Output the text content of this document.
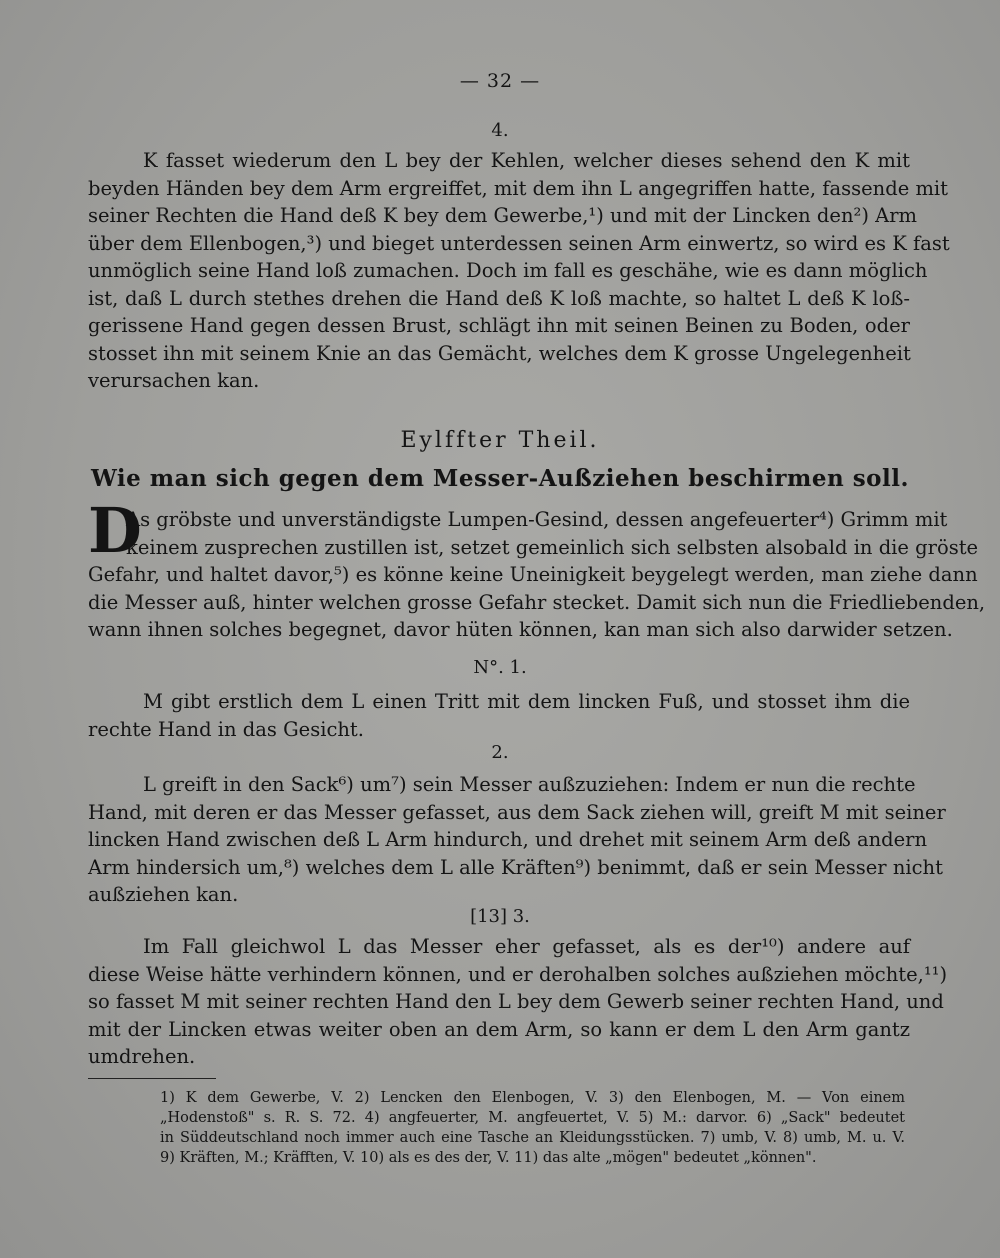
— 32 —
4.
K fasset wiederum den L bey der Kehlen, welcher dieses sehend den K mit
beyden Händen bey dem Arm ergreiffet, mit dem ihn L angegriffen hatte, fassende mit
seiner Rechten die Hand deß K bey dem Gewerbe,¹) und mit der Lincken den²) Arm
über dem Ellenbogen,³) und bieget unterdessen seinen Arm einwertz, so wird es K fast
unmöglich seine Hand loß zumachen. Doch im fall es geschähe, wie es dann möglich
ist, daß L durch stethes drehen die Hand deß K loß machte, so haltet L deß K loß-
gerissene Hand gegen dessen Brust, schlägt ihn mit seinen Beinen zu Boden, oder
stosset ihn mit seinem Knie an das Gemächt, welches dem K grosse Ungelegenheit
verursachen kan.
Eylffter Theil.
Wie man sich gegen dem Messer-Außziehen beschirmen soll.
D
As gröbste und unverständigste Lumpen-Gesind, dessen angefeuerter⁴) Grimm mit
keinem zusprechen zustillen ist, setzet gemeinlich sich selbsten alsobald in die gröste
Gefahr, und haltet davor,⁵) es könne keine Uneinigkeit beygelegt werden, man ziehe dann
die Messer auß, hinter welchen grosse Gefahr stecket. Damit sich nun die Friedliebenden,
wann ihnen solches begegnet, davor hüten können, kan man sich also darwider setzen.
N°. 1.
M gibt erstlich dem L einen Tritt mit dem lincken Fuß, und stosset ihm die
rechte Hand in das Gesicht.
2.
L greift in den Sack⁶) um⁷) sein Messer außzuziehen: Indem er nun die rechte
Hand, mit deren er das Messer gefasset, aus dem Sack ziehen will, greift M mit seiner
lincken Hand zwischen deß L Arm hindurch, und drehet mit seinem Arm deß andern
Arm hindersich um,⁸) welches dem L alle Kräften⁹) benimmt, daß er sein Messer nicht
außziehen kan.
[13] 3.
Im Fall gleichwol L das Messer eher gefasset, als es der¹⁰) andere auf
diese Weise hätte verhindern können, und er derohalben solches außziehen möchte,¹¹)
so fasset M mit seiner rechten Hand den L bey dem Gewerb seiner rechten Hand, und
mit der Lincken etwas weiter oben an dem Arm, so kann er dem L den Arm gantz
umdrehen.
1) K dem Gewerbe, V. 2) Lencken den Elenbogen, V. 3) den Elenbogen, M. — Von einem
„Hodenstoß" s. R. S. 72. 4) angfeuerter, M. angfeuertet, V. 5) M.: darvor. 6) „Sack" bedeutet
in Süddeutschland noch immer auch eine Tasche an Kleidungsstücken. 7) umb, V. 8) umb, M. u. V.
9) Kräften, M.; Kräfften, V. 10) als es des der, V. 11) das alte „mögen" bedeutet „können".
